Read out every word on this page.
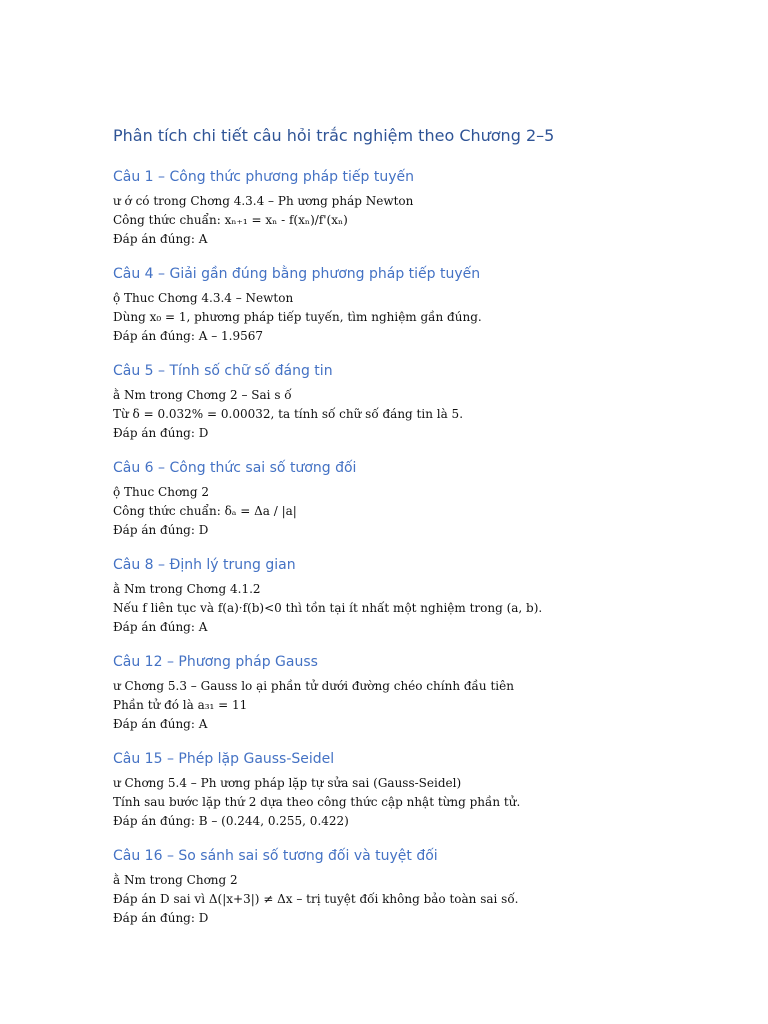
Phân tích chi tiết câu hỏi trắc nghiệm theo Chương 2–5
Câu 1 – Công thức phương pháp tiếp tuyến
ư ớ có trong Chơng 4.3.4 – Ph ương pháp Newton
Công thức chuẩn: xₙ₊₁ = xₙ - f(xₙ)/f'(xₙ)
Đáp án đúng: A
Câu 4 – Giải gần đúng bằng phương pháp tiếp tuyến
ộ Thuc Chơng 4.3.4 – Newton
Dùng x₀ = 1, phương pháp tiếp tuyến, tìm nghiệm gần đúng.
Đáp án đúng: A – 1.9567
Câu 5 – Tính số chữ số đáng tin
ằ Nm trong Chơng 2 – Sai s ố
Từ δ = 0.032% = 0.00032, ta tính số chữ số đáng tin là 5.
Đáp án đúng: D
Câu 6 – Công thức sai số tương đối
ộ Thuc Chơng 2
Công thức chuẩn: δₐ = Δa / |a|
Đáp án đúng: D
Câu 8 – Định lý trung gian
ằ Nm trong Chơng 4.1.2
Nếu f liên tục và f(a)·f(b)<0 thì tồn tại ít nhất một nghiệm trong (a, b).
Đáp án đúng: A
Câu 12 – Phương pháp Gauss
ư Chơng 5.3 – Gauss lo ại phần tử dưới đường chéo chính đầu tiên
Phần tử đó là a₃₁ = 11
Đáp án đúng: A
Câu 15 – Phép lặp Gauss-Seidel
ư Chơng 5.4 – Ph ương pháp lặp tự sửa sai (Gauss-Seidel)
Tính sau bước lặp thứ 2 dựa theo công thức cập nhật từng phần tử.
Đáp án đúng: B – (0.244, 0.255, 0.422)
Câu 16 – So sánh sai số tương đối và tuyệt đối
ằ Nm trong Chơng 2
Đáp án D sai vì Δ(|x+3|) ≠ Δx – trị tuyệt đối không bảo toàn sai số.
Đáp án đúng: D
